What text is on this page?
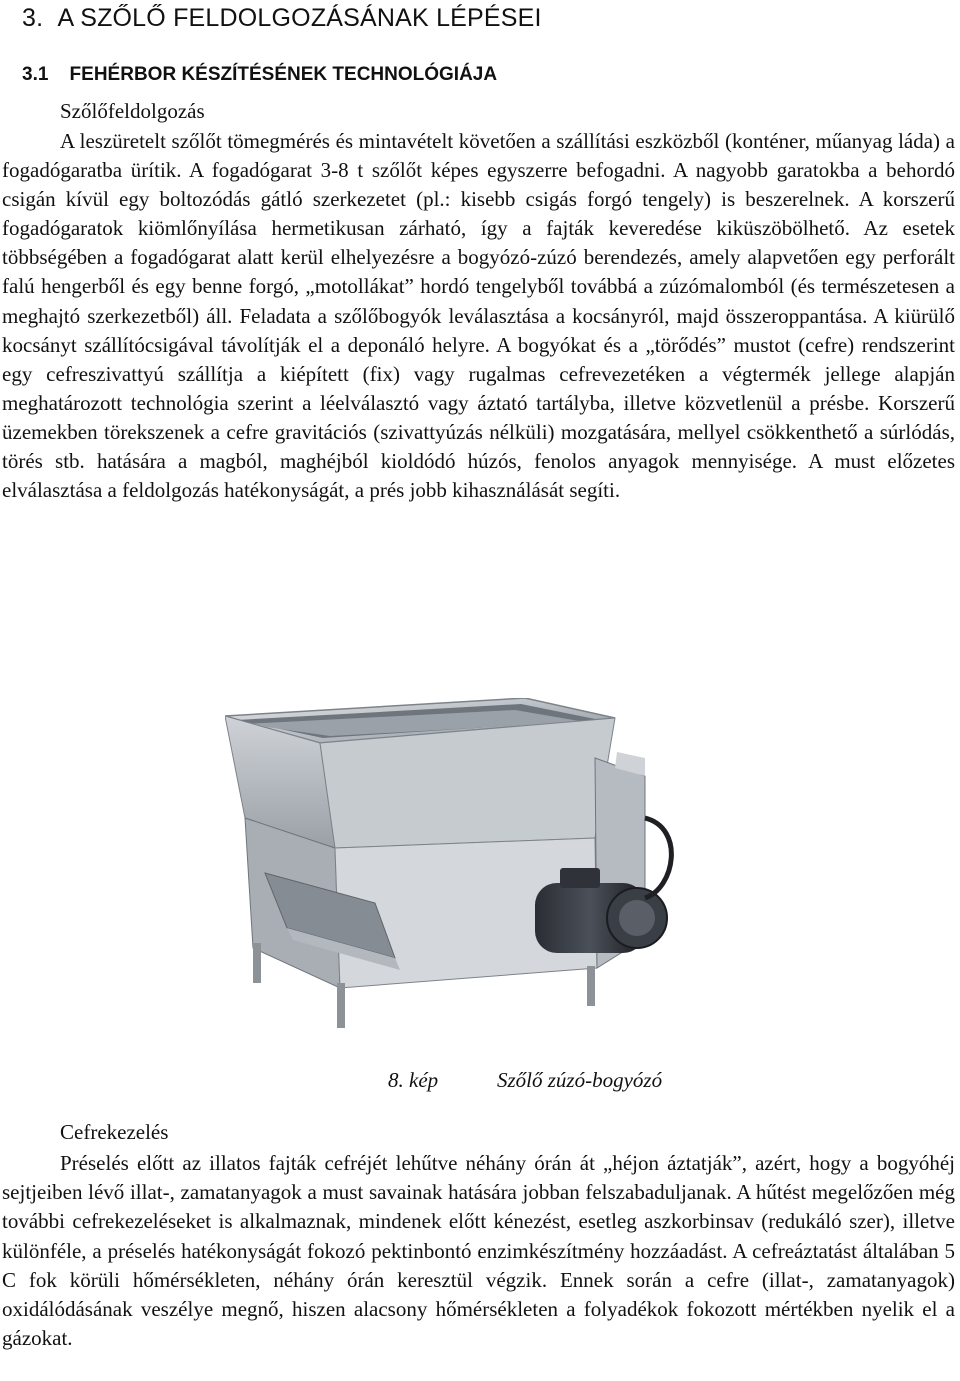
3. A SZŐLŐ FELDOLGOZÁSÁNAK LÉPÉSEI
3.1 FEHÉRBOR KÉSZÍTÉSÉNEK TECHNOLÓGIÁJA

Szőlőfeldolgozás

A leszüretelt szőlőt tömegmérés és mintavételt követően a szállítási eszközből (konténer, műanyag láda) a fogadógaratba ürítik. A fogadógarat 3-8 t szőlőt képes egyszerre befogadni. A nagyobb garatokba a behordó csigán kívül egy boltozódás gátló szerkezetet (pl.: kisebb csigás forgó tengely) is beszerelnek. A korszerű fogadógaratok kiömlőnyílása hermetikusan zárható, így a fajták keveredése kiküszöbölhető. Az esetek többségében a fogadógarat alatt kerül elhelyezésre a bogyózó-zúzó berendezés, amely alapvetően egy perforált falú hengerből és egy benne forgó, „motollákat” hordó tengelyből továbbá a zúzómalomból (és természetesen a meghajtó szerkezetből) áll. Feladata a szőlőbogyók leválasztása a kocsányról, majd összeroppantása. A kiürülő kocsányt szállítócsigával távolítják el a deponáló helyre. A bogyókat és a „törődés” mustot (cefre) rendszerint egy cefreszivattyú szállítja a kiépített (fix) vagy rugalmas cefrevezetéken a végtermék jellege alapján meghatározott technológia szerint a léelválasztó vagy áztató tartályba, illetve közvetlenül a présbe. Korszerű üzemekben törekszenek a cefre gravitációs (szivattyúzás nélküli) mozgatására, mellyel csökkenthető a súrlódás, törés stb. hatására a magból, maghéjból kioldódó húzós, fenolos anyagok mennyisége. A must előzetes elválasztása a feldolgozás hatékonyságát, a prés jobb kihasználását segíti.

8. kép	Szőlő zúzó-bogyózó

Cefrekezelés

Préselés előtt az illatos fajták cefréjét lehűtve néhány órán át „héjon áztatják”, azért, hogy a bogyóhéj sejtjeiben lévő illat-, zamatanyagok a must savainak hatására jobban felszabaduljanak. A hűtést megelőzően még további cefrekezeléseket is alkalmaznak, mindenek előtt kénezést, esetleg aszkorbinsav (redukáló szer), illetve különféle, a préselés hatékonyságát fokozó pektinbontó enzimkészítmény hozzáadást. A cefreáztatást általában 5 C fok körüli hőmérsékleten, néhány órán keresztül végzik. Ennek során a cefre (illat-, zamatanyagok) oxidálódásának veszélye megnő, hiszen alacsony hőmérsékleten a folyadékok fokozott mértékben nyelik el a gázokat.
